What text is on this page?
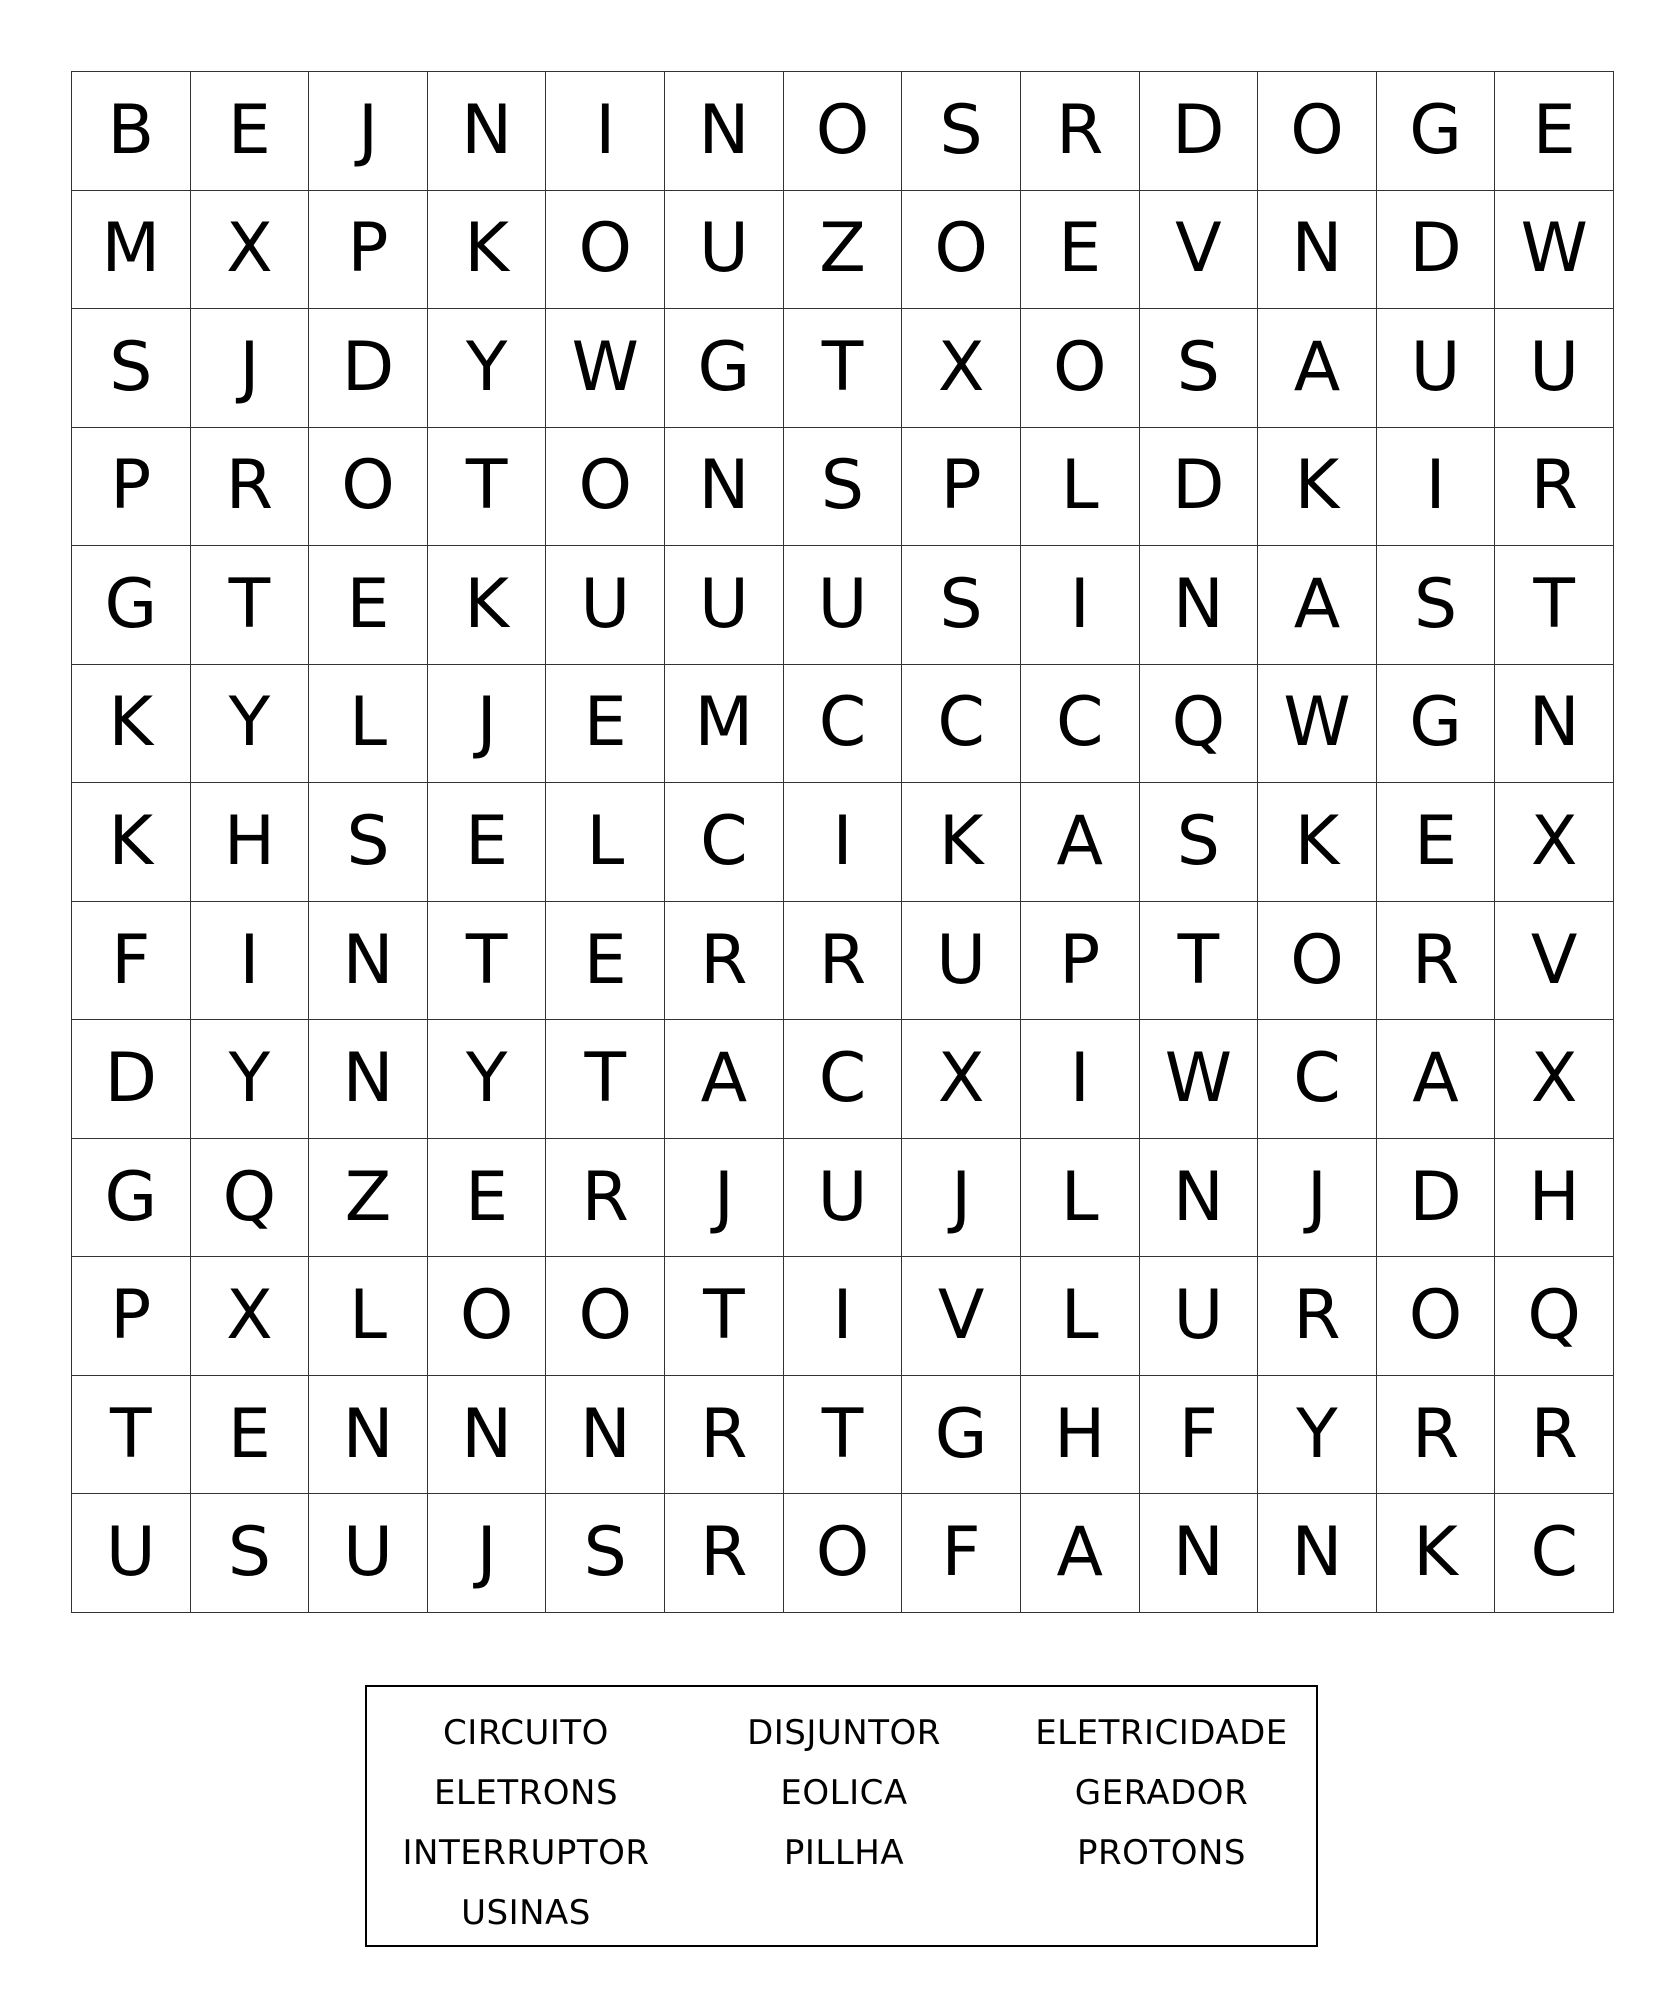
B	E	J	N	I	N O	S	R	D O G	E
M X	P	K	O U	Z	O	E	V	N D W
S	J	D	Y W G	T	X	O	S	A	U	U
P	R	O	T	O N	S	P	L	D	K	I	R
G	T	E	K	U	U	U	S	I	N	A	S	T
K	Y	L	J	E M C	C	C	Q W G N
K	H	S	E	L	C	I	K	A	S	K	E	X
F	I	N	T	E	R	R	U	P	T	O	R	V
D	Y	N	Y	T	A	C	X	I	W C	A	X
G Q	Z	E	R	J	U	J	L	N	J	D H
P	X	L	O O	T	I	V	L	U	R	O Q
T	E	N N N	R	T	G H	F	Y	R	R
U	S	U	J	S	R	O	F	A	N N	K	C
CIRCUITO	DISJUNTOR	ELETRICIDADE
ELETRONS	EOLICA	GERADOR
INTERRUPTOR	PILLHA	PROTONS
USINAS
